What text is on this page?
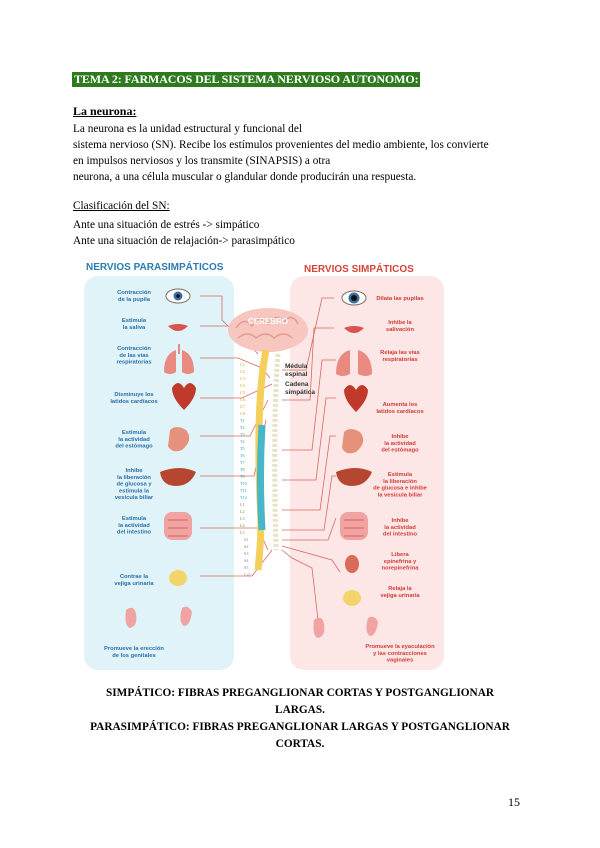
TEMA 2: FARMACOS DEL SISTEMA NERVIOSO AUTONOMO:
La neurona:
La neurona es la unidad estructural y funcional del
sistema nervioso (SN). Recibe los estímulos provenientes del medio ambiente, los convierte
en impulsos nerviosos y los transmite (SINAPSIS) a otra
neurona, a una célula muscular o glandular donde producirán una respuesta.
Clasificación del SN:
Ante una situación de estrés -> simpático
Ante una situación de relajación-> parasimpático
NERVIOS PARASIMPÁTICOS	NERVIOS SIMPÁTICOS
CEREBRO
Médula
espinal
Cadena
simpática
C1
C2
C3
C4
C5
C6
C7
C8
T1
T2
T3
T4
T5
T6
T7
T8
T9
T10
T11
T12
L1
L2
L3
L4
L5
S1
S2
S3
S4
S5
Co1
Contracción
de la pupila
Estimula
la saliva
Contracción
de las vías
respiratorias
Disminuye los
latidos cardíacos
Estimula
la actividad
del estómago
Inhibe
la liberación
de glucosa y
estimula la
vesícula biliar
Estimula
la actividad
del intestino
Contrae la
vejiga urinaria
Promueve la erección
de los genitales
Dilata las pupilas
Inhibe la
salivación
Relaja las vías
respiratorias
Aumenta los
latidos cardíacos
Inhibe
la actividad
del estómago
Estimula
la liberación
de glucosa e inhibe
la vesícula biliar
Inhibe
la actividad
del intestino
Libera
epinefrina y
norepinefrina
Relaja la
vejiga urinaria
Promueve la eyaculación
y las contracciones
vaginales
SIMPÁTICO: FIBRAS PREGANGLIONAR CORTAS Y POSTGANGLIONAR
LARGAS.
PARASIMPÁTICO: FIBRAS PREGANGLIONAR LARGAS Y POSTGANGLIONAR
CORTAS.
15
